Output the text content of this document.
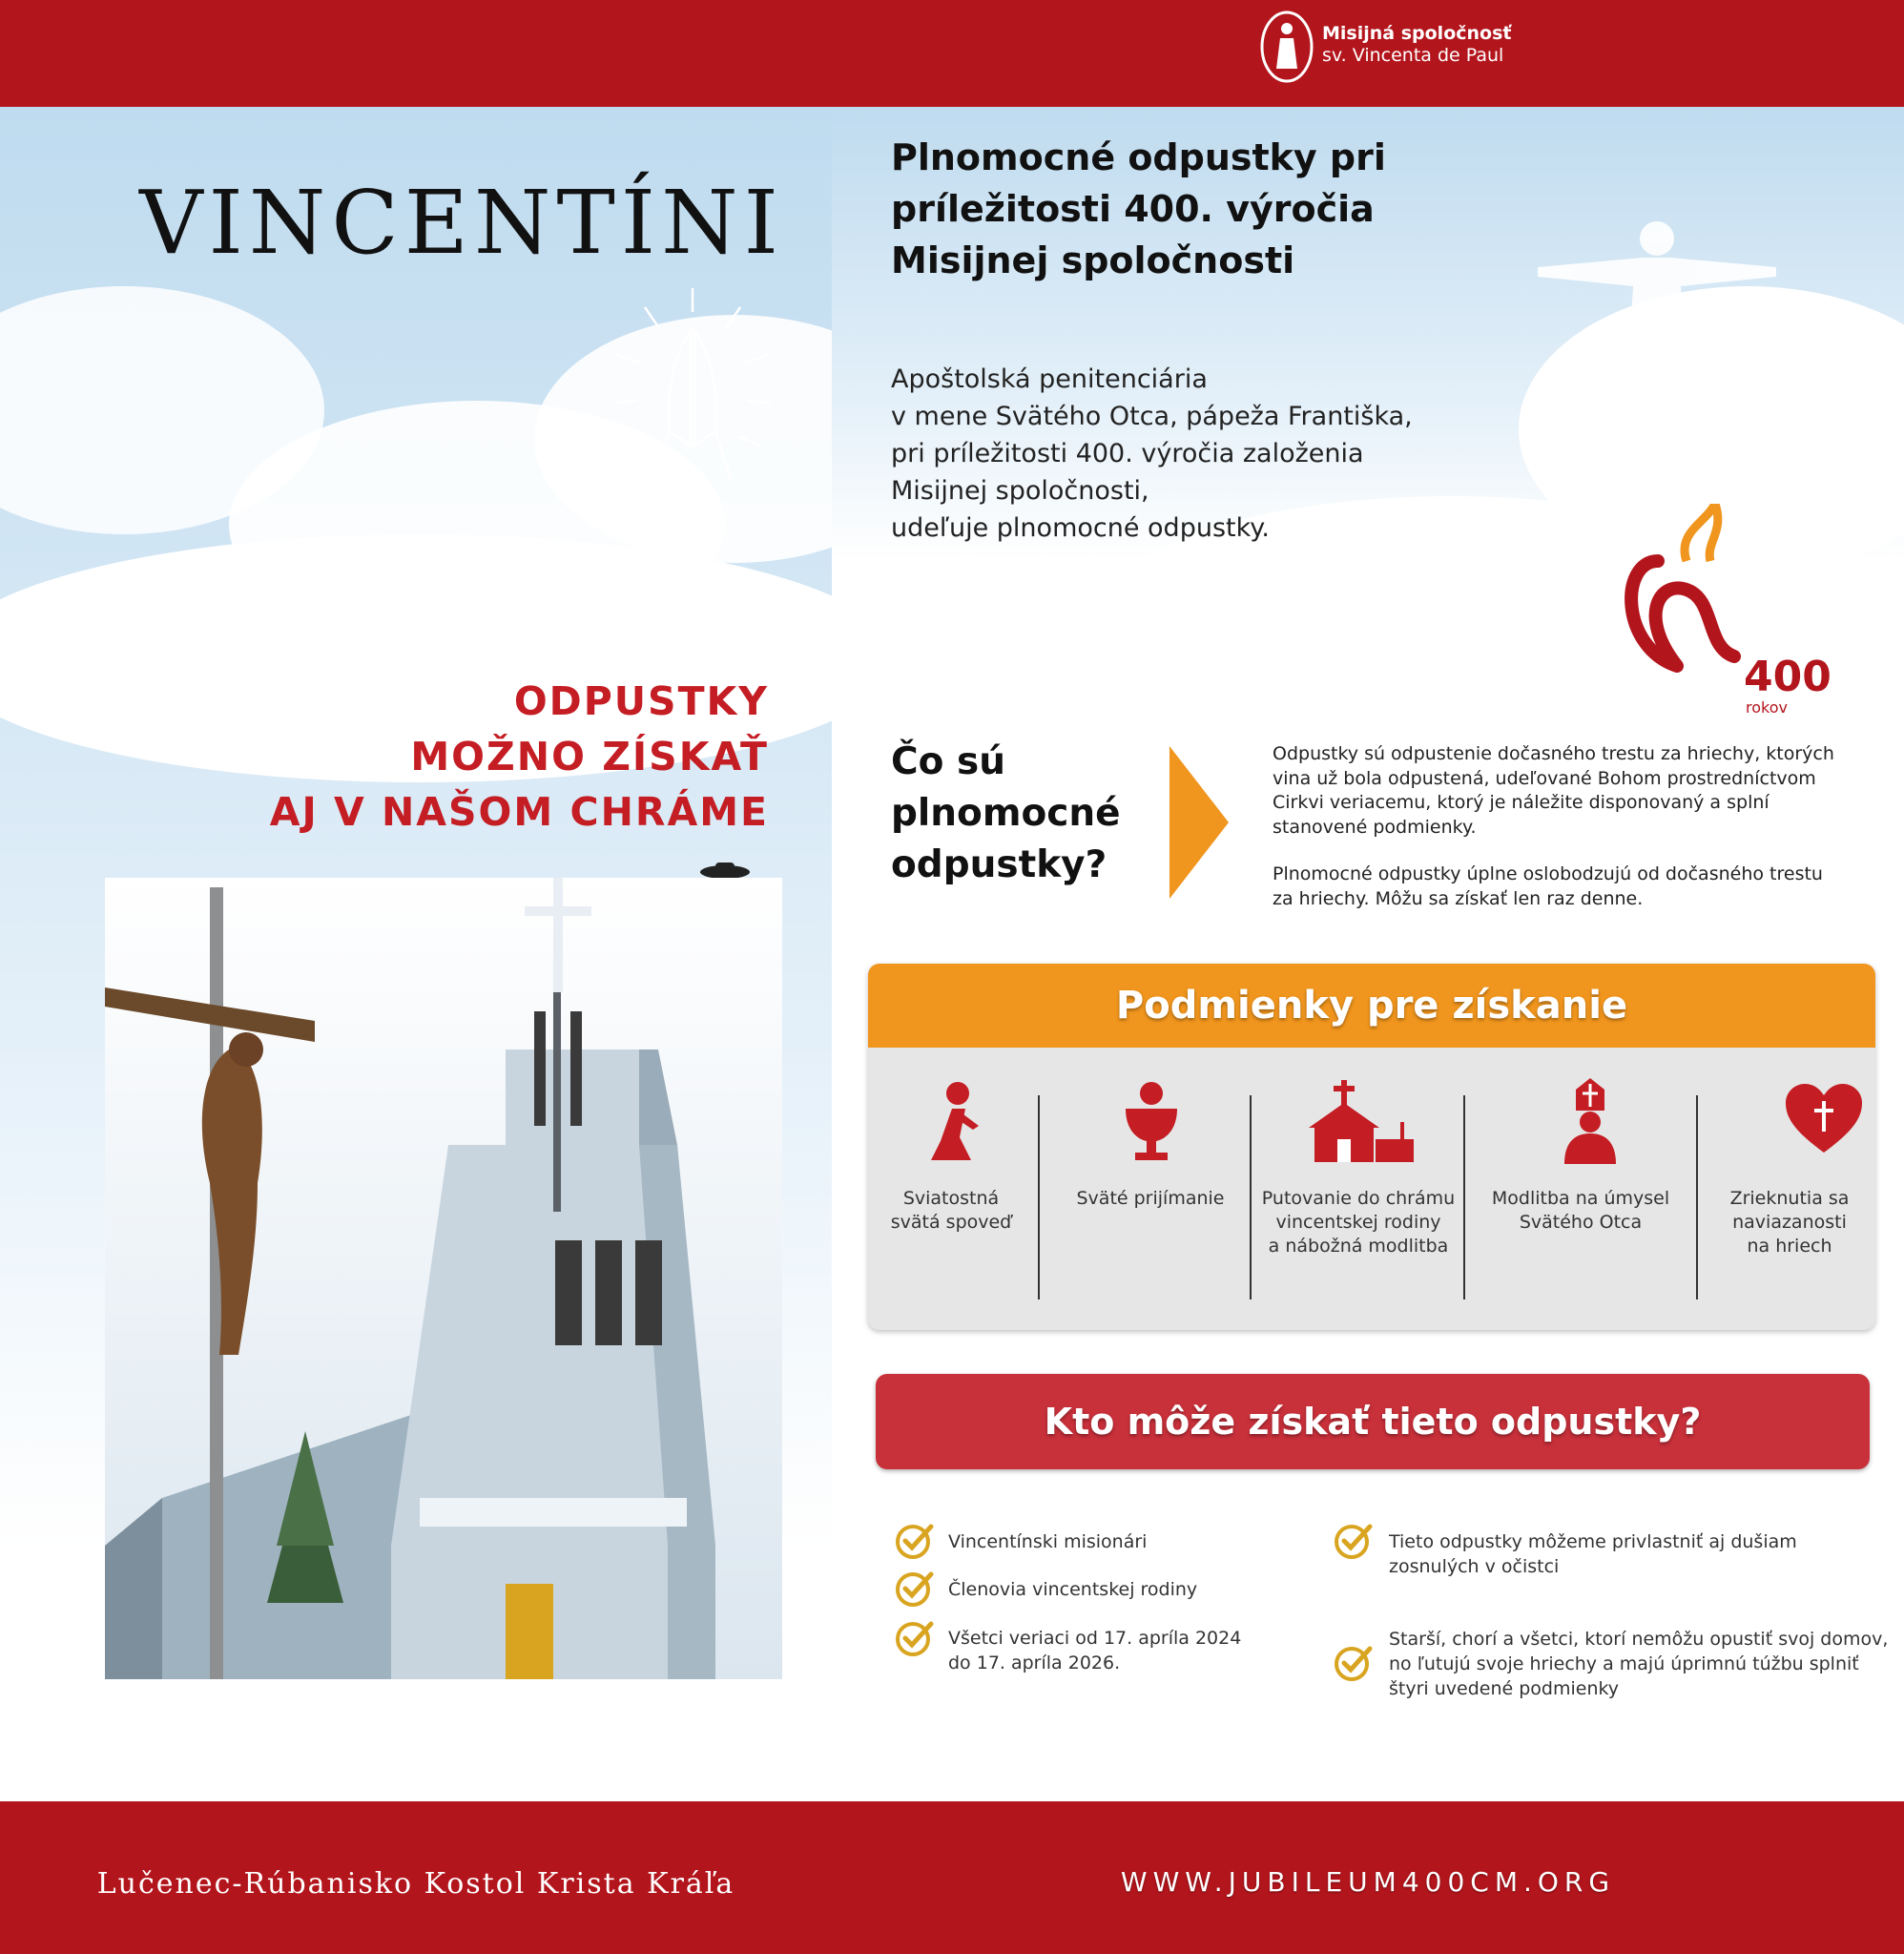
VINCENTÍNI
ODPUSTKY
MOŽNO ZÍSKAŤ
AJ V NAŠOM CHRÁME
Lučenec-Rúbanisko Kostol Krista Kráľa
Misijná spoločnosť
sv. Vincenta de Paul
Plnomocné odpustky pri
príležitosti 400. výročia
Misijnej spoločnosti
Apoštolská penitenciária
v mene Svätého Otca, pápeža Františka,
pri príležitosti 400. výročia založenia
Misijnej spoločnosti,
udeľuje plnomocné odpustky.
400
rokov
Čo sú
plnomocné
odpustky?
Odpustky sú odpustenie dočasného trestu za hriechy, ktorých
vina už bola odpustená, udeľované Bohom prostredníctvom
Cirkvi veriacemu, ktorý je náležite disponovaný a splní
stanovené podmienky.
Plnomocné odpustky úplne oslobodzujú od dočasného trestu
za hriechy. Môžu sa získať len raz denne.
Podmienky pre získanie
Sviatostná
svätá spoveď
Sväté prijímanie	Putovanie do chrámu
vincentskej rodiny
a nábožná modlitba
Modlitba na úmysel
Svätého Otca
Zrieknutia sa
naviazanosti
na hriech
Kto môže získať tieto odpustky?
Vincentínski misionári
Členovia vincentskej rodiny
Všetci veriaci od 17. apríla 2024
do 17. apríla 2026.
Tieto odpustky môžeme privlastniť aj dušiam
zosnulých v očistci
Starší, chorí a všetci, ktorí nemôžu opustiť svoj domov,
no ľutujú svoje hriechy a majú úprimnú túžbu splniť
štyri uvedené podmienky
WWW.JUBILEUM400CM.ORG
